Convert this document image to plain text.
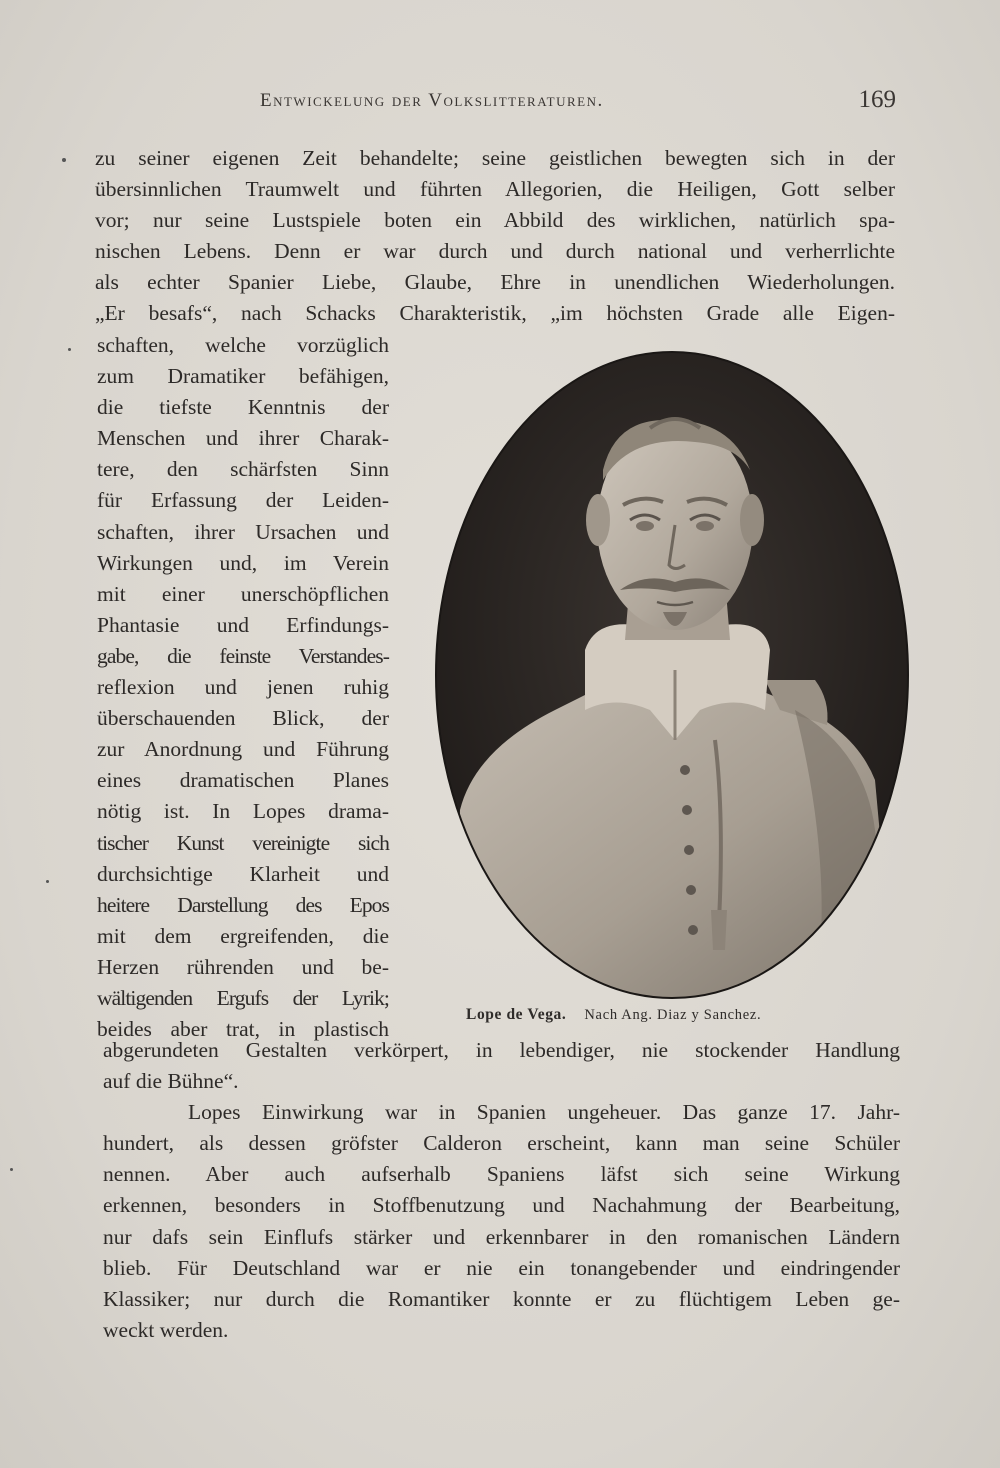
Entwickelung der Volkslitteraturen.	169

zu seiner eigenen Zeit behandelte; seine geistlichen bewegten sich in der

übersinnlichen Traumwelt und führten Allegorien, die Heiligen, Gott selber

vor; nur seine Lustspiele boten ein Abbild des wirklichen, natürlich spa-

nischen Lebens. Denn er war durch und durch national und verherrlichte

als echter Spanier Liebe, Glaube, Ehre in unendlichen Wiederholungen.

„Er besafs“, nach Schacks Charakteristik, „im höchsten Grade alle Eigen-

schaften, welche vorzüglich

zum Dramatiker befähigen,

die tiefste Kenntnis der

Menschen und ihrer Charak-

tere, den schärfsten Sinn

für Erfassung der Leiden-

schaften, ihrer Ursachen und

Wirkungen und, im Verein

mit einer unerschöpflichen

Phantasie und Erfindungs-

gabe, die feinste Verstandes-

reflexion und jenen ruhig

überschauenden Blick, der

zur Anordnung und Führung

eines dramatischen Planes

nötig ist. In Lopes drama-

tischer Kunst vereinigte sich

durchsichtige Klarheit und

heitere Darstellung des Epos

mit dem ergreifenden, die

Herzen rührenden und be-

wältigenden Ergufs der Lyrik;

beides aber trat, in plastisch

Lope de Vega. Nach Ang. Diaz y Sanchez.

abgerundeten Gestalten verkörpert, in lebendiger, nie stockender Handlung

auf die Bühne“.

Lopes Einwirkung war in Spanien ungeheuer. Das ganze 17. Jahr-

hundert, als dessen gröfster Calderon erscheint, kann man seine Schüler

nennen. Aber auch aufserhalb Spaniens läfst sich seine Wirkung

erkennen, besonders in Stoffbenutzung und Nachahmung der Bearbeitung,

nur dafs sein Einflufs stärker und erkennbarer in den romanischen Ländern

blieb. Für Deutschland war er nie ein tonangebender und eindringender

Klassiker; nur durch die Romantiker konnte er zu flüchtigem Leben ge-

weckt werden.
